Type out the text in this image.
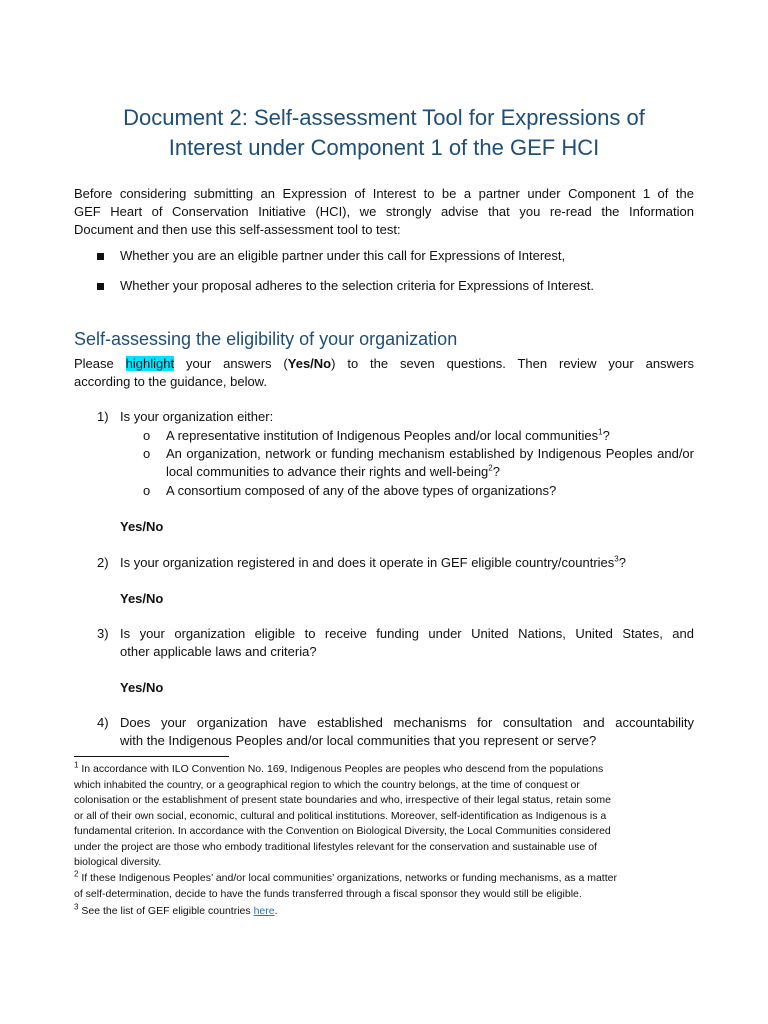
Document 2: Self-assessment Tool for Expressions of
Interest under Component 1 of the GEF HCI
Before considering submitting an Expression of Interest to be a partner under Component 1 of the
GEF Heart of Conservation Initiative (HCI), we strongly advise that you re-read the Information
Document and then use this self-assessment tool to test:
Whether you are an eligible partner under this call for Expressions of Interest,
Whether your proposal adheres to the selection criteria for Expressions of Interest.
Self-assessing the eligibility of your organization
Please highlight your answers (Yes/No) to the seven questions. Then review your answers
according to the guidance, below.
1) Is your organization either:
o A representative institution of Indigenous Peoples and/or local communities$^1$?
o An organization, network or funding mechanism established by Indigenous Peoples and/or local communities to advance their rights and well-being$^2$?
o A consortium composed of any of the above types of organizations?
Yes/No
2) Is your organization registered in and does it operate in GEF eligible country/countries$^3$?
Yes/No
3) Is your organization eligible to receive funding under United Nations, United States, and
other applicable laws and criteria?
Yes/No
4) Does your organization have established mechanisms for consultation and accountability
with the Indigenous Peoples and/or local communities that you represent or serve?
$^1$ In accordance with ILO Convention No. 169, Indigenous Peoples are peoples who descend from the populations
which inhabited the country, or a geographical region to which the country belongs, at the time of conquest or
colonisation or the establishment of present state boundaries and who, irrespective of their legal status, retain some
or all of their own social, economic, cultural and political institutions. Moreover, self-identification as Indigenous is a
fundamental criterion. In accordance with the Convention on Biological Diversity, the Local Communities considered
under the project are those who embody traditional lifestyles relevant for the conservation and sustainable use of
biological diversity.
$^2$ If these Indigenous Peoples’ and/or local communities’ organizations, networks or funding mechanisms, as a matter
of self-determination, decide to have the funds transferred through a fiscal sponsor they would still be eligible.
$^3$ See the list of GEF eligible countries here.
